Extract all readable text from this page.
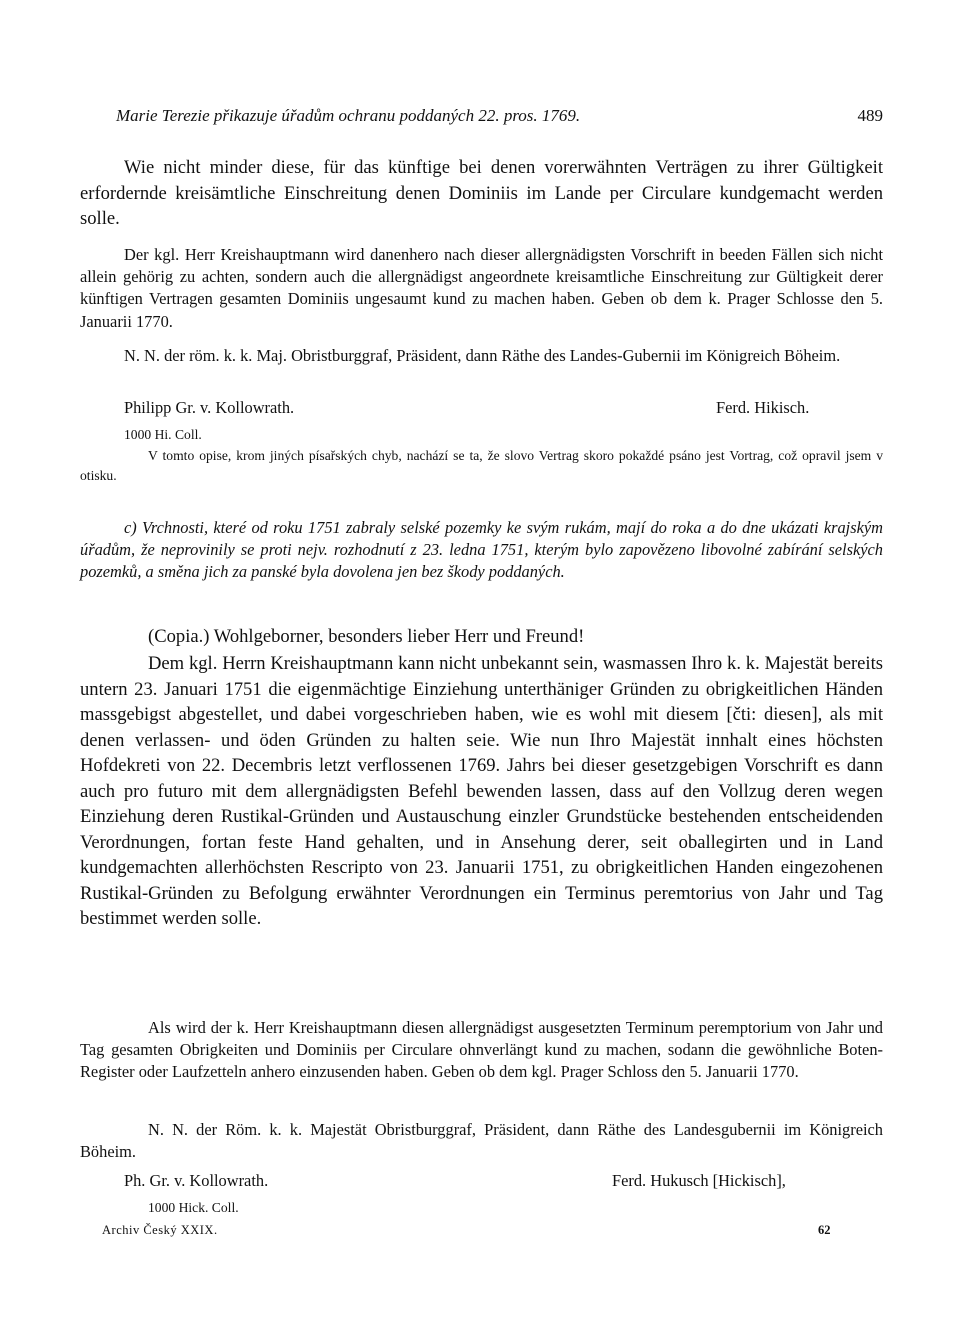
Marie Terezie přikazuje úřadům ochranu poddaných 22. pros. 1769.	489

Wie nicht minder diese, für das künftige bei denen vorerwähnten Verträgen zu ihrer Gültigkeit erfordernde kreisämtliche Einschreitung denen Dominiis im Lande per Circulare kundgemacht werden solle.

Der kgl. Herr Kreishauptmann wird danenhero nach dieser allergnädigsten Vorschrift in beeden Fällen sich nicht allein gehörig zu achten, sondern auch die allergnädigst angeordnete kreisamtliche Einschreitung zur Gültigkeit derer künftigen Vertragen gesamten Dominiis ungesaumt kund zu machen haben. Geben ob dem k. Prager Schlosse den 5. Januarii 1770.

N. N. der röm. k. k. Maj. Obristburggraf, Präsident, dann Räthe des Landes-Gubernii im Königreich Böheim.

Philipp Gr. v. Kollowrath.	Ferd. Hikisch.
1000 Hi. Coll.

V tomto opise, krom jiných písařských chyb, nachází se ta, že slovo Vertrag skoro pokaždé psáno jest Vortrag, což opravil jsem v otisku.

c) Vrchnosti, které od roku 1751 zabraly selské pozemky ke svým rukám, mají do roka a do dne ukázati krajským úřadům, že neprovinily se proti nejv. rozhodnutí z 23. ledna 1751, kterým bylo zapovězeno libovolné zabírání selských pozemků, a směna jich za panské byla dovolena jen bez škody poddaných.

(Copia.) Wohlgeborner, besonders lieber Herr und Freund!

Dem kgl. Herrn Kreishauptmann kann nicht unbekannt sein, wasmassen Ihro k. k. Majestät bereits untern 23. Januari 1751 die eigenmächtige Einziehung unterthäniger Gründen zu obrigkeitlichen Händen massgebigst abgestellet, und dabei vorgeschrieben haben, wie es wohl mit diesem [čti: diesen], als mit denen verlassen- und öden Gründen zu halten seie. Wie nun Ihro Majestät innhalt eines höchsten Hofdekreti von 22. Decembris letzt verflossenen 1769. Jahrs bei dieser gesetzgebigen Vorschrift es dann auch pro futuro mit dem allergnädigsten Befehl bewenden lassen, dass auf den Vollzug deren wegen Einziehung deren Rustikal-Gründen und Austauschung einzler Grundstücke bestehenden entscheidenden Verordnungen, fortan feste Hand gehalten, und in Ansehung derer, seit oballegirten und in Land kundgemachten allerhöchsten Rescripto von 23. Januarii 1751, zu obrigkeitlichen Handen eingezohenen Rustikal-Gründen zu Befolgung erwähnter Verordnungen ein Terminus peremtorius von Jahr und Tag bestimmet werden solle.

Als wird der k. Herr Kreishauptmann diesen allergnädigst ausgesetzten Terminum peremptorium von Jahr und Tag gesamten Obrigkeiten und Dominiis per Circulare ohnverlängt kund zu machen, sodann die gewöhnliche Boten-Register oder Laufzetteln anhero einzusenden haben. Geben ob dem kgl. Prager Schloss den 5. Januarii 1770.

N. N. der Röm. k. k. Majestät Obristburggraf, Präsident, dann Räthe des Landesgubernii im Königreich Böheim.

Ph. Gr. v. Kollowrath.	Ferd. Hukusch [Hickisch],
1000 Hick. Coll.
Archiv Český XXIX.	62
